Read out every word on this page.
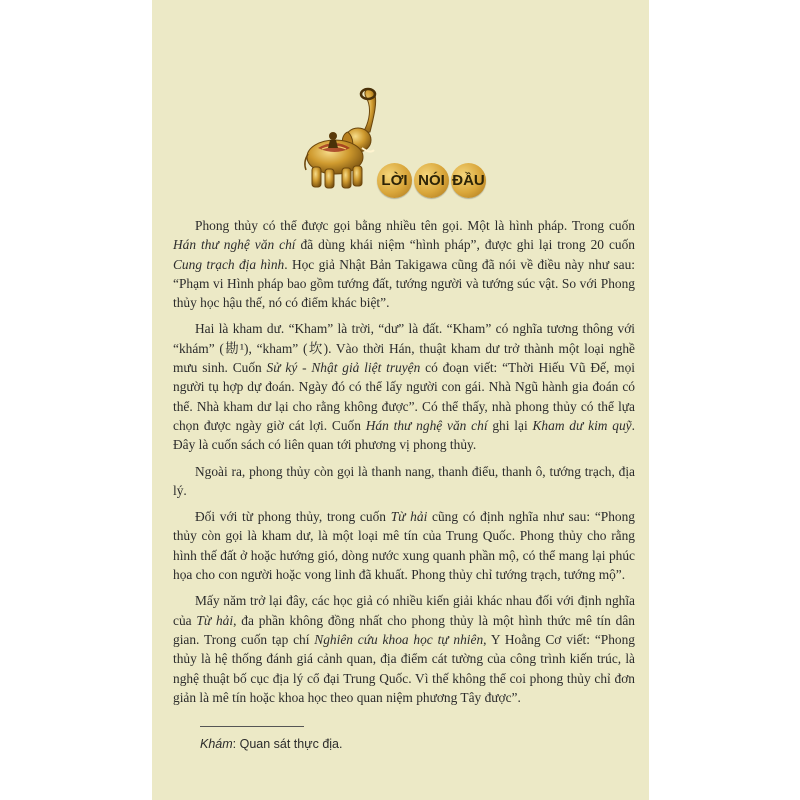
LỜI NÓI ĐẦU

Phong thủy có thể được gọi bằng nhiều tên gọi. Một là hình pháp. Trong cuốn Hán thư nghệ văn chí đã dùng khái niệm “hình pháp”, được ghi lại trong 20 cuốn Cung trạch địa hình. Học giả Nhật Bản Takigawa cũng đã nói về điều này như sau: “Phạm vi Hình pháp bao gồm tướng đất, tướng người và tướng súc vật. So với Phong thủy học hậu thế, nó có điểm khác biệt”.

Hai là kham dư. “Kham” là trời, “dư” là đất. “Kham” có nghĩa tương thông với “khám” (勘¹), “kham” (坎). Vào thời Hán, thuật kham dư trở thành một loại nghề mưu sinh. Cuốn Sử ký - Nhật giả liệt truyện có đoạn viết: “Thời Hiếu Vũ Đế, mọi người tụ hợp dự đoán. Ngày đó có thể lấy người con gái. Nhà Ngũ hành gia đoán có thể. Nhà kham dư lại cho rằng không được”. Có thể thấy, nhà phong thủy có thể lựa chọn được ngày giờ cát lợi. Cuốn Hán thư nghệ văn chí ghi lại Kham dư kim quỹ. Đây là cuốn sách có liên quan tới phương vị phong thủy.

Ngoài ra, phong thủy còn gọi là thanh nang, thanh điểu, thanh ô, tướng trạch, địa lý.

Đối với từ phong thủy, trong cuốn Từ hải cũng có định nghĩa như sau: “Phong thủy còn gọi là kham dư, là một loại mê tín của Trung Quốc. Phong thủy cho rằng hình thế đất ở hoặc hướng gió, dòng nước xung quanh phần mộ, có thể mang lại phúc họa cho con người hoặc vong linh đã khuất. Phong thủy chỉ tướng trạch, tướng mộ”.

Mấy năm trở lại đây, các học giả có nhiều kiến giải khác nhau đối với định nghĩa của Từ hải, đa phần không đồng nhất cho phong thủy là một hình thức mê tín dân gian. Trong cuốn tạp chí Nghiên cứu khoa học tự nhiên, Y Hoằng Cơ viết: “Phong thủy là hệ thống đánh giá cảnh quan, địa điểm cát tường của công trình kiến trúc, là nghệ thuật bố cục địa lý cổ đại Trung Quốc. Vì thế không thể coi phong thủy chỉ đơn giản là mê tín hoặc khoa học theo quan niệm phương Tây được”.

Khám: Quan sát thực địa.
